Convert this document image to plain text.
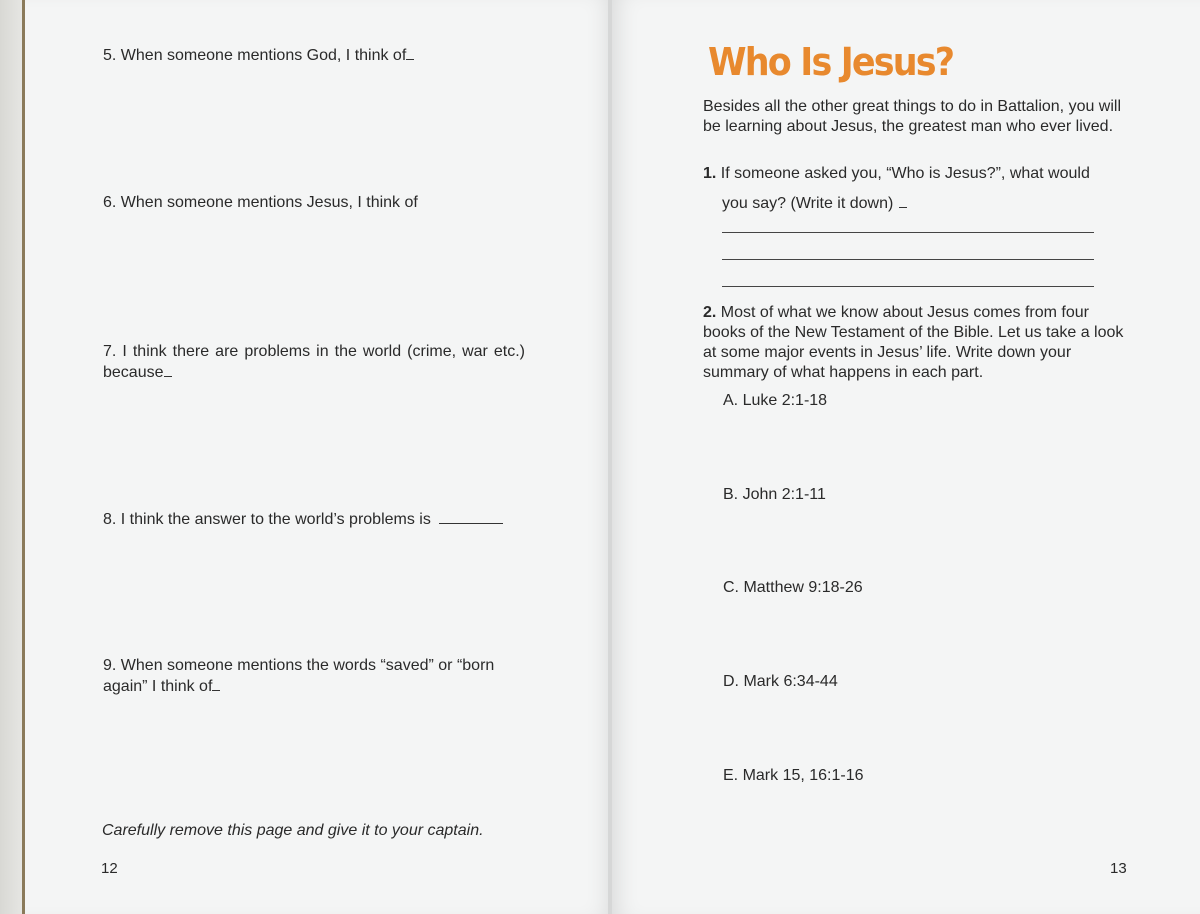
5. When someone mentions God, I think of

6. When someone mentions Jesus, I think of

7. I think there are problems in the world (crime, war etc.) because

8. I think the answer to the world’s problems is

9. When someone mentions the words “saved” or “born again” I think of

Carefully remove this page and give it to your captain.

12

Who Is Jesus?

Besides all the other great things to do in Battalion, you will be learning about Jesus, the greatest man who ever lived.

1. If someone asked you, “Who is Jesus?”, what would

you say? (Write it down)

2. Most of what we know about Jesus comes from four books of the New Testament of the Bible. Let us take a look at some major events in Jesus’ life. Write down your summary of what happens in each part.

A. Luke 2:1-18

B. John 2:1-11

C. Matthew 9:18-26

D. Mark 6:34-44

E. Mark 15, 16:1-16

13
